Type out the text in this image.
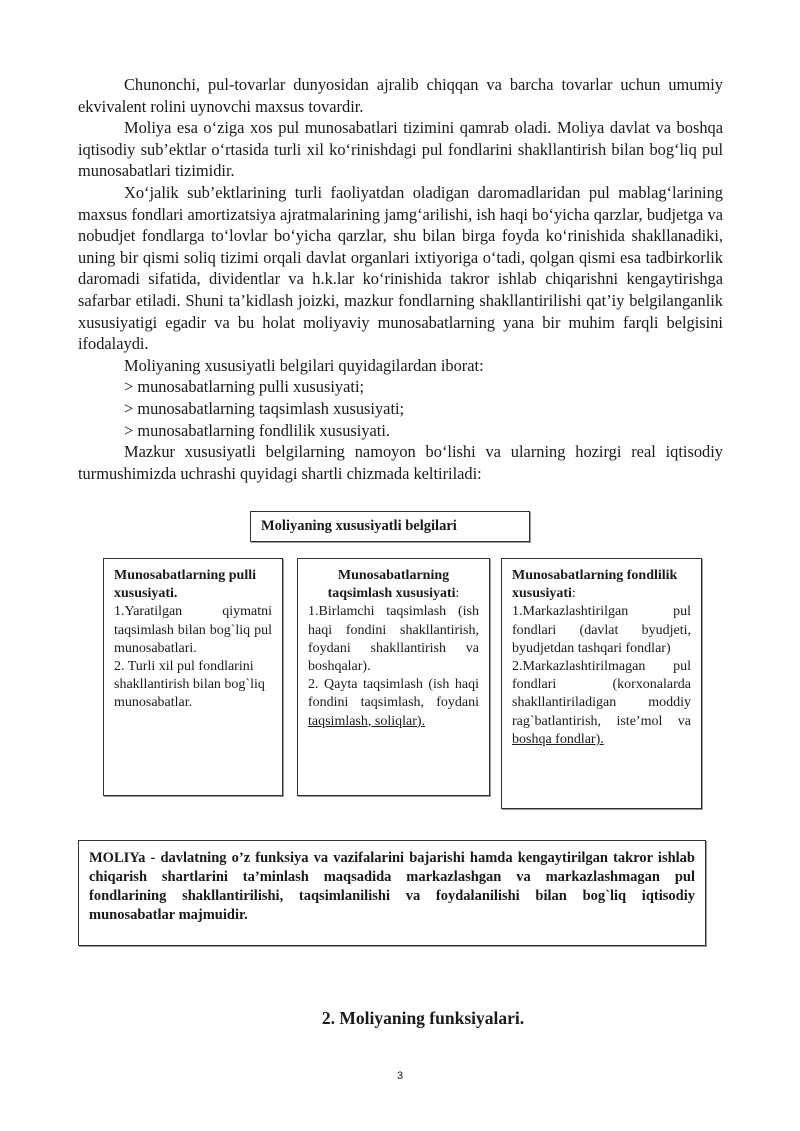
Chunonchi, pul-tovarlar dunyosidan ajralib chiqqan va barcha tovarlar uchun umumiy ekvivalent rolini uynovchi maxsus tovardir.

Moliya esa o‘ziga xos pul munosabatlari tizimini qamrab oladi. Moliya davlat va boshqa iqtisodiy sub’ektlar o‘rtasida turli xil ko‘rinishdagi pul fondlarini shakllantirish bilan bog‘liq pul munosabatlari tizimidir.

Xo‘jalik sub’ektlarining turli faoliyatdan oladigan daromadlaridan pul mablag‘larining maxsus fondlari amortizatsiya ajratmalarining jamg‘arilishi, ish haqi bo‘yicha qarzlar, budjetga va nobudjet fondlarga to‘lovlar bo‘yicha qarzlar, shu bilan birga foyda ko‘rinishida shakllanadiki, uning bir qismi soliq tizimi orqali davlat organlari ixtiyoriga o‘tadi, qolgan qismi esa tadbirkorlik daromadi sifatida, dividentlar va h.k.lar ko‘rinishida takror ishlab chiqarishni kengaytirishga safarbar etiladi. Shuni ta’kidlash joizki, mazkur fondlarning shakllantirilishi qat’iy belgilanganlik xususiyatigi egadir va bu holat moliyaviy munosabatlarning yana bir muhim farqli belgisini ifodalaydi.

Moliyaning xususiyatli belgilari quyidagilardan iborat:

> munosabatlarning pulli xususiyati;

> munosabatlarning taqsimlash xususiyati;

> munosabatlarning fondlilik xususiyati.

Mazkur xususiyatli belgilarning namoyon bo‘lishi va ularning hozirgi real iqtisodiy turmushimizda uchrashi quyidagi shartli chizmada keltiriladi:

Moliyaning xususiyatli belgilari

Munosabatlarning pulli xususiyati.

1.Yaratilgan qiymatni taqsimlash bilan bog`liq pul munosabatlari.

2. Turli xil pul fondlarini shakllantirish bilan bog`liq munosabatlar.

Munosabatlarning taqsimlash xususiyati:

1.Birlamchi taqsimlash (ish haqi fondini shakllantirish, foydani shakllantirish va boshqalar).

2. Qayta taqsimlash (ish haqi fondini taqsimlash, foydani taqsimlash, soliqlar).

Munosabatlarning fondlilik xususiyati:

1.Markazlashtirilgan pul fondlari (davlat byudjeti, byudjetdan tashqari fondlar)

2.Markazlashtirilmagan pul fondlari (korxonalarda shakllantiriladigan moddiy rag`batlantirish, iste’mol va boshqa fondlar).

MOLIYa - davlatning o’z funksiya va vazifalarini bajarishi hamda kengaytirilgan takror ishlab chiqarish shartlarini ta’minlash maqsadida markazlashgan va markazlashmagan pul fondlarining shakllantirilishi, taqsimlanilishi va foydalanilishi bilan bog`liq iqtisodiy munosabatlar majmuidir.
2. Moliyaning funksiyalari.
3
